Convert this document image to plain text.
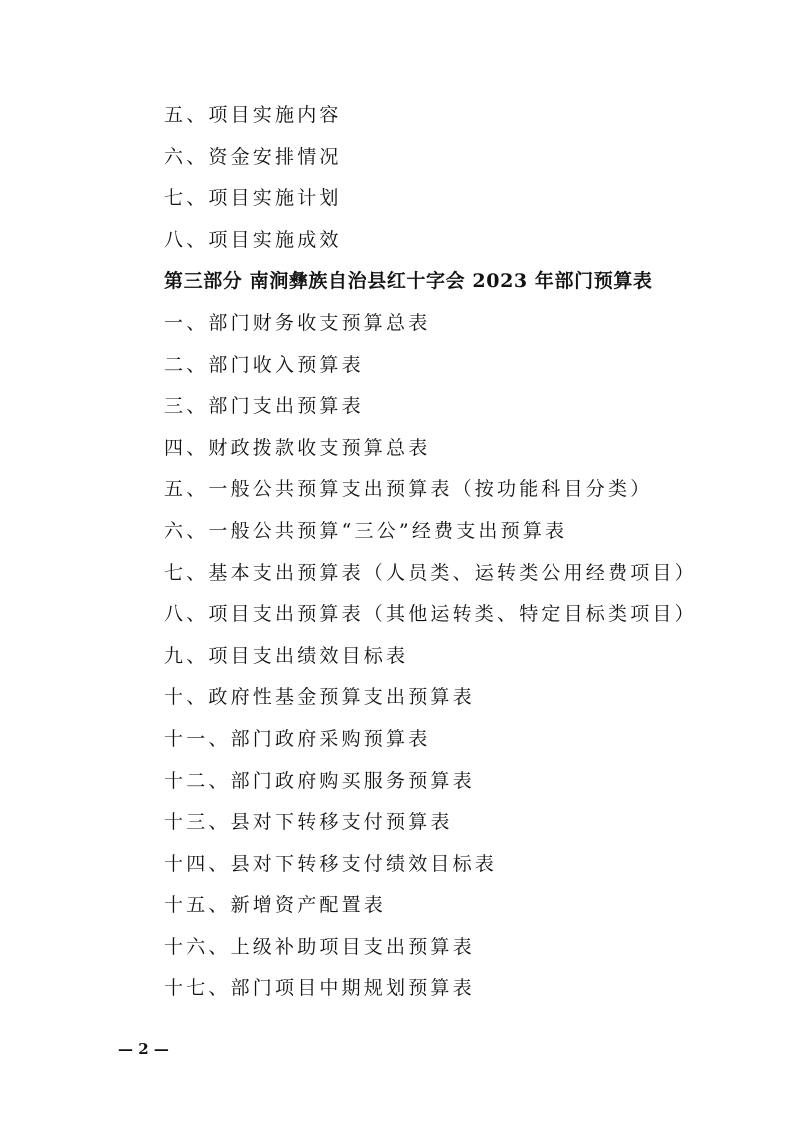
五、项目实施内容
六、资金安排情况
七、项目实施计划
八、项目实施成效
第三部分 南涧彝族自治县红十字会 2023 年部门预算表
一、部门财务收支预算总表
二、部门收入预算表
三、部门支出预算表
四、财政拨款收支预算总表
五、一般公共预算支出预算表（按功能科目分类）
六、一般公共预算“三公”经费支出预算表
七、基本支出预算表（人员类、运转类公用经费项目）
八、项目支出预算表（其他运转类、特定目标类项目）
九、项目支出绩效目标表
十、政府性基金预算支出预算表
十一、部门政府采购预算表
十二、部门政府购买服务预算表
十三、县对下转移支付预算表
十四、县对下转移支付绩效目标表
十五、新增资产配置表
十六、上级补助项目支出预算表
十七、部门项目中期规划预算表
— 2 —
